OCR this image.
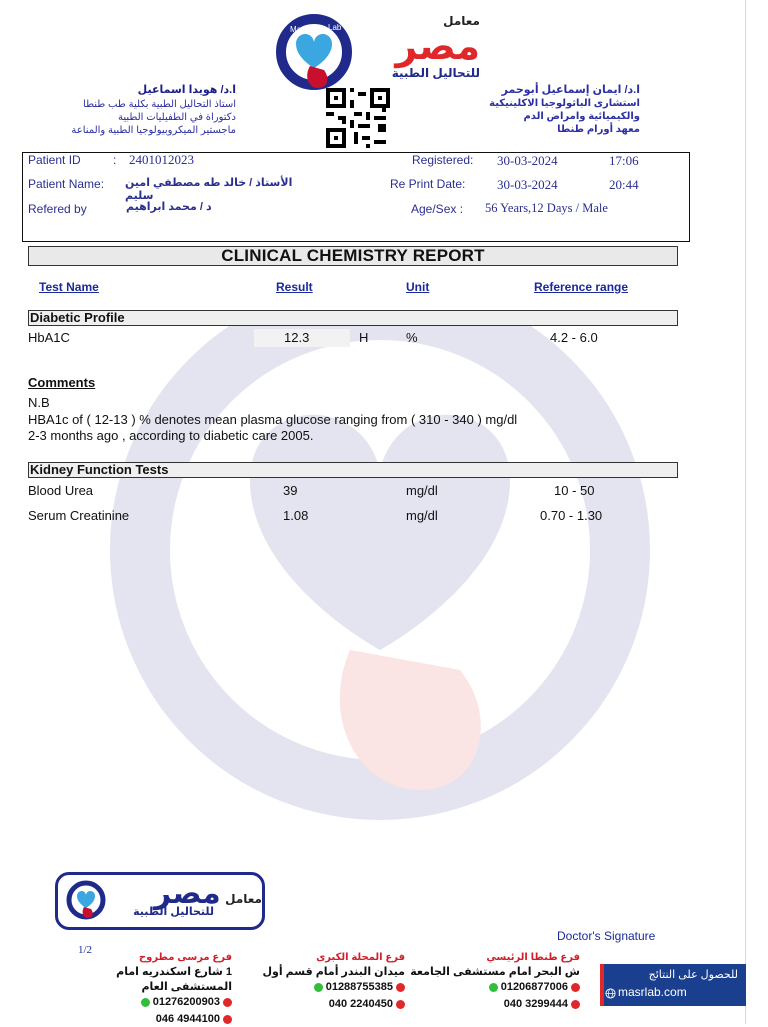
ا.د/ هويدا اسماعيل
استاذ التحاليل الطبية بكلية طب طنطا
دكتوراة في الطفيليات الطبية
ماجستير الميكروبيولوجيا الطبية والمناعة
Masr	Lab	معامل
مصر
للتحاليل الطبية
ا.د/ ايمان إسماعيل أبوحمر
استشارى الباثولوجيا الاكلينيكية
والكيميائية وامراض الدم
معهد أورام طنطا
Patient ID	: 2401012023
Patient Name: الأستاذ / خالد طه مصطفي امين سليم
Refered by	د / محمد ابراهيم
Registered: 30-03-2024	17:06
Re Print Date: 30-03-2024	20:44
Age/Sex : 56 Years,12 Days / Male
CLINICAL CHEMISTRY REPORT
Test Name	Result	Unit	Reference range
Diabetic Profile
HbA1C	12.3	H	%	4.2 - 6.0
Comments
N.B
HBA1c of ( 12-13 ) % denotes mean plasma glucose ranging from ( 310 - 340 ) mg/dl
2-3 months ago , according to diabetic care 2005.
Kidney Function Tests
Blood Urea	39	mg/dl	10 - 50
Serum Creatinine	1.08	mg/dl	0.70 - 1.30
معامل مصر
للتحاليل الطبية
Doctor's Signature
1/2
فرع مرسى مطروح
1 شارع اسكندريه امام المستشفى العام
01276200903
046 4944100
فرع المحلة الكبرى
ميدان البندر أمام قسم أول
01288755385
040 2240450
فرع طنطا الرئيسي
ش البحر امام مستشفى الجامعة
01206877006
040 3299444
للحصول على النتائج
masrlab.com
